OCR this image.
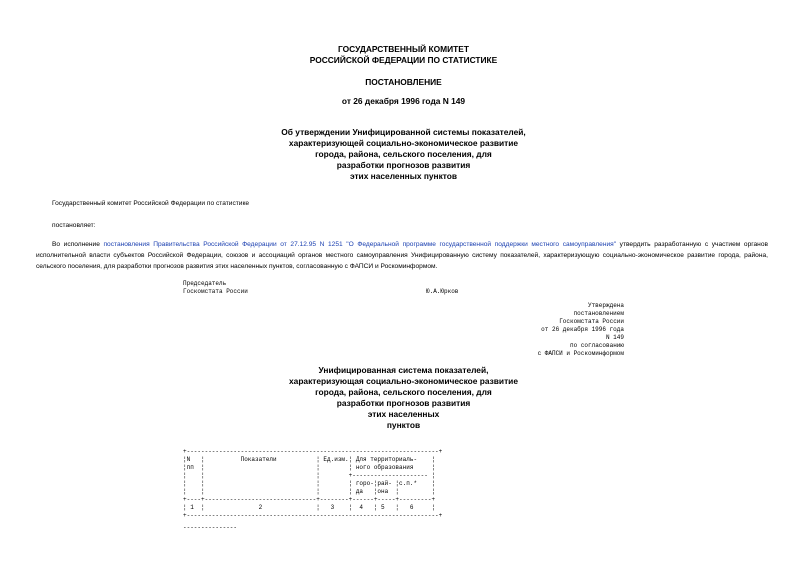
ГОСУДАРСТВЕННЫЙ КОМИТЕТ
РОССИЙСКОЙ ФЕДЕРАЦИИ ПО СТАТИСТИКЕ
ПОСТАНОВЛЕНИЕ
от 26 декабря 1996 года N 149
Об утверждении Унифицированной системы показателей,
характеризующей социально-экономическое развитие
города, района, сельского поселения, для
разработки прогнозов развития
этих населенных пунктов
Государственный комитет Российской Федерации по статистике
постановляет:
Во исполнение постановления Правительства Российской Федерации от 27.12.95 N 1251 "О Федеральной программе государственной поддержки местного самоуправления" утвердить разработанную с участием органов исполнительной власти субъектов Российской Федерации, союзов и ассоциаций органов местного самоуправления Унифицированную систему показателей, характеризующую социально-экономическое развитие города, района, сельского поселения, для разработки прогнозов развития этих населенных пунктов, согласованную с ФАПСИ и Роскоминформом.
Председатель
Госкомстата России	Ю.А.Юрков
Утверждена
постановлением
Госкомстата России
от 26 декабря 1996 года
N 149
по согласованию
с ФАПСИ и Роскоминформом
Унифицированная система показателей,
характеризующая социально-экономическое развитие
города, района, сельского поселения, для
разработки прогнозов развития
этих населенных
пунктов
+----------------------------------------------------------------------+
¦N   ¦          Показатели           ¦ Ед.изм.¦ Для территориаль-    ¦
¦пп  ¦                               ¦        ¦ ного образования     ¦
¦    ¦                               ¦        +--------------------- ¦
¦    ¦                               ¦        ¦ горо-¦рай- ¦с.п.*    ¦
¦    ¦                               ¦        ¦ да   ¦она  ¦         ¦
+----+-------------------------------+--------+------+-----+---------+
¦ 1  ¦               2               ¦   3    ¦  4   ¦ 5   ¦   6     ¦
+----------------------------------------------------------------------+
---------------
